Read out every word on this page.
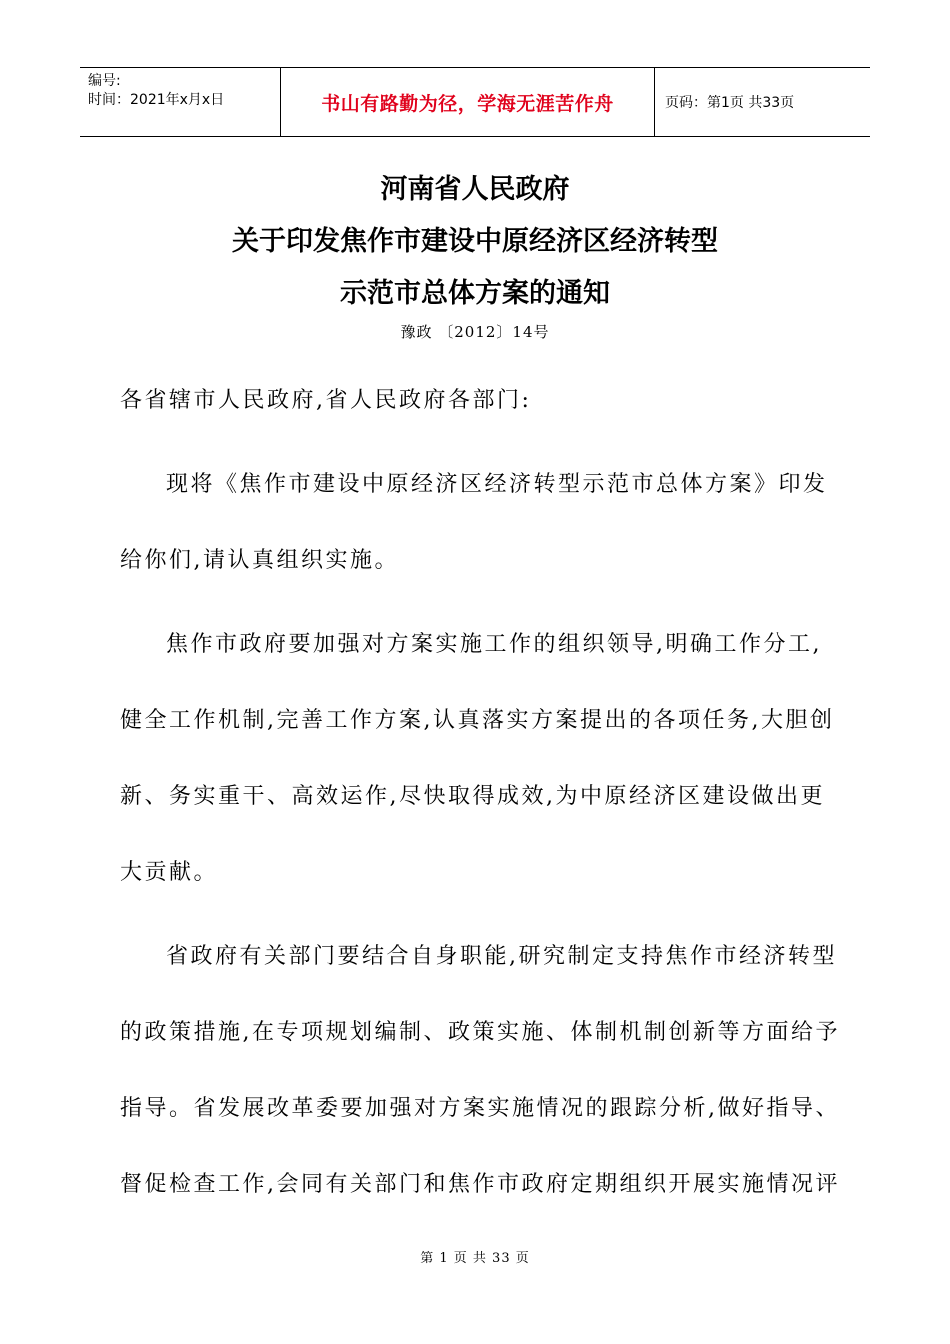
编号:
时间：2021年x月x日	书山有路勤为径，学海无涯苦作舟	页码：第1页 共33页
河南省人民政府
关于印发焦作市建设中原经济区经济转型
示范市总体方案的通知
豫政 〔2012〕14号
各省辖市人民政府,省人民政府各部门:
现将《焦作市建设中原经济区经济转型示范市总体方案》印发
给你们,请认真组织实施。
焦作市政府要加强对方案实施工作的组织领导,明确工作分工,
健全工作机制,完善工作方案,认真落实方案提出的各项任务,大胆创
新、务实重干、高效运作,尽快取得成效,为中原经济区建设做出更
大贡献。
省政府有关部门要结合自身职能,研究制定支持焦作市经济转型
的政策措施,在专项规划编制、政策实施、体制机制创新等方面给予
指导。省发展改革委要加强对方案实施情况的跟踪分析,做好指导、
督促检查工作,会同有关部门和焦作市政府定期组织开展实施情况评
第 1 页 共 33 页
